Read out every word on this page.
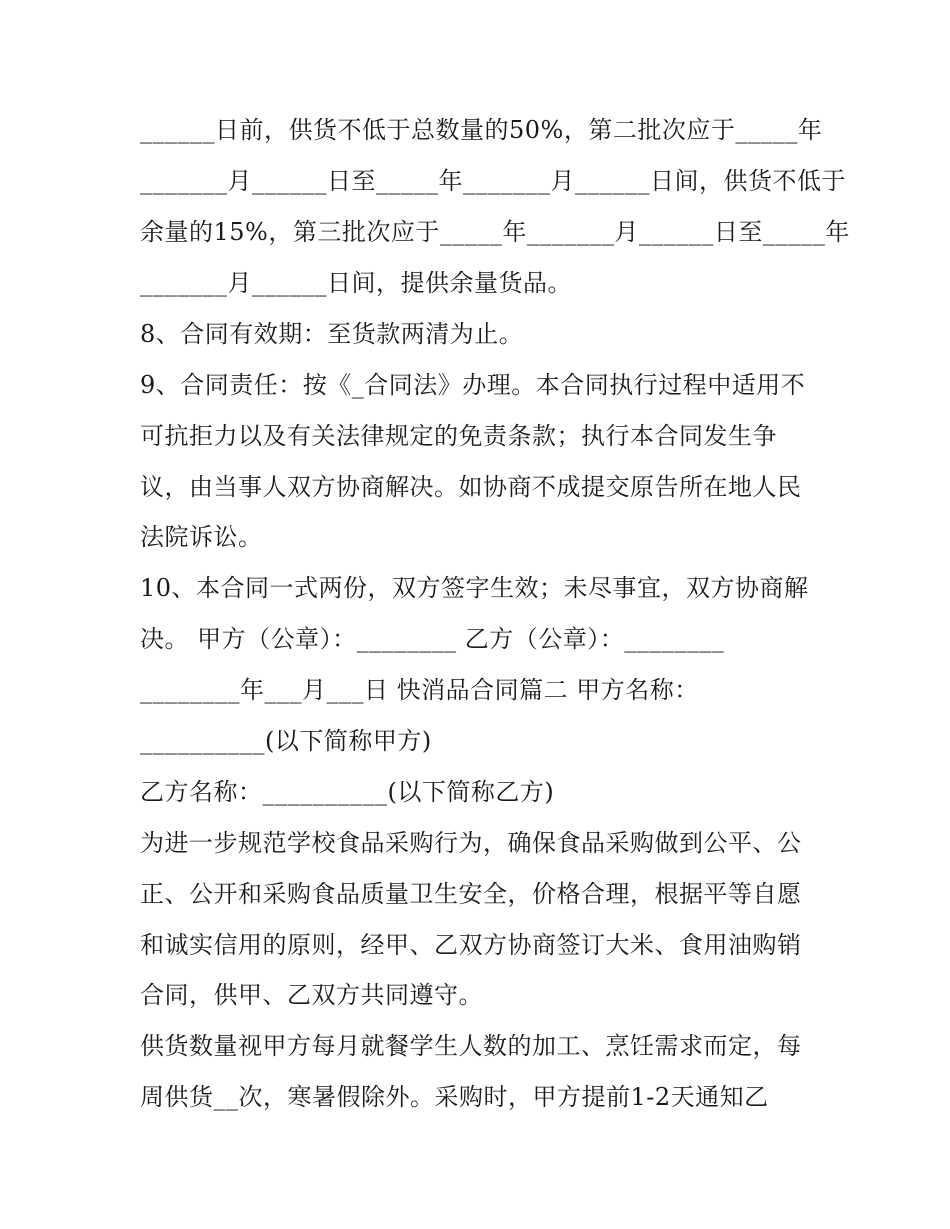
______日前，供货不低于总数量的50%，第二批次应于_____年
_______月______日至_____年_______月______日间，供货不低于
余量的15%，第三批次应于_____年_______月______日至_____年
_______月______日间，提供余量货品。
8、合同有效期：至货款两清为止。
9、合同责任：按《_合同法》办理。本合同执行过程中适用不
可抗拒力以及有关法律规定的免责条款；执行本合同发生争
议，由当事人双方协商解决。如协商不成提交原告所在地人民
法院诉讼。
10、本合同一式两份，双方签字生效；未尽事宜，双方协商解
决。 甲方（公章）：________ 乙方（公章）：________
________年___月___日 快消品合同篇二 甲方名称：
__________(以下简称甲方)
乙方名称：__________(以下简称乙方)
为进一步规范学校食品采购行为，确保食品采购做到公平、公
正、公开和采购食品质量卫生安全，价格合理，根据平等自愿
和诚实信用的原则，经甲、乙双方协商签订大米、食用油购销
合同，供甲、乙双方共同遵守。
供货数量视甲方每月就餐学生人数的加工、烹饪需求而定，每
周供货__次，寒暑假除外。采购时，甲方提前1-2天通知乙
